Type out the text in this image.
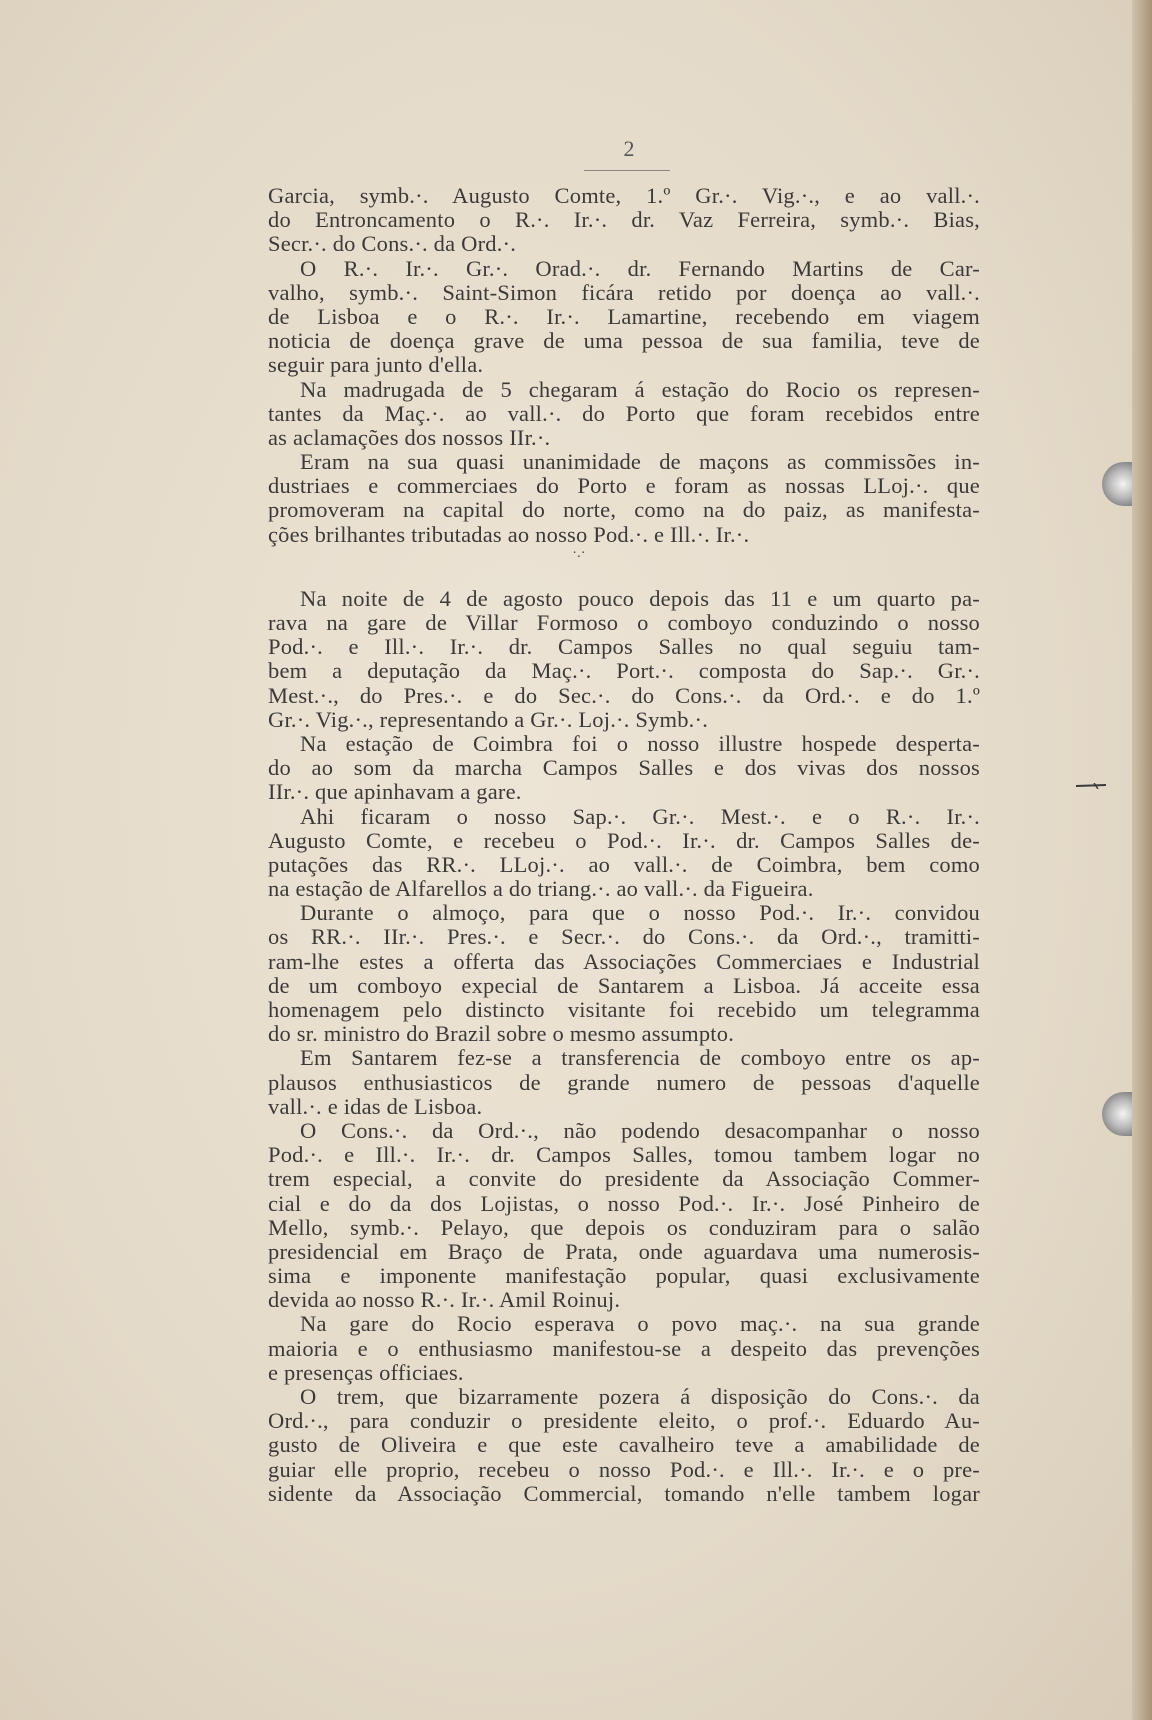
2
Garcia, symb.·. Augusto Comte, 1.º Gr.·. Vig.·., e ao vall.·.
do Entroncamento o R.·. Ir.·. dr. Vaz Ferreira, symb.·. Bias,
Secr.·. do Cons.·. da Ord.·.
O R.·. Ir.·. Gr.·. Orad.·. dr. Fernando Martins de Car-
valho, symb.·. Saint-Simon ficára retido por doença ao vall.·.
de Lisboa e o R.·. Ir.·. Lamartine, recebendo em viagem
noticia de doença grave de uma pessoa de sua familia, teve de
seguir para junto d'ella.
Na madrugada de 5 chegaram á estação do Rocio os represen-
tantes da Maç.·. ao vall.·. do Porto que foram recebidos entre
as aclamações dos nossos IIr.·.
Eram na sua quasi unanimidade de maçons as commissões in-
dustriaes e commerciaes do Porto e foram as nossas LLoj.·. que
promoveram na capital do norte, como na do paiz, as manifesta-
ções brilhantes tributadas ao nosso Pod.·. e Ill.·. Ir.·.
·.·
Na noite de 4 de agosto pouco depois das 11 e um quarto pa-
rava na gare de Villar Formoso o comboyo conduzindo o nosso
Pod.·. e Ill.·. Ir.·. dr. Campos Salles no qual seguiu tam-
bem a deputação da Maç.·. Port.·. composta do Sap.·. Gr.·.
Mest.·., do Pres.·. e do Sec.·. do Cons.·. da Ord.·. e do 1.º
Gr.·. Vig.·., representando a Gr.·. Loj.·. Symb.·.
Na estação de Coimbra foi o nosso illustre hospede desperta-
do ao som da marcha Campos Salles e dos vivas dos nossos
IIr.·. que apinhavam a gare.
Ahi ficaram o nosso Sap.·. Gr.·. Mest.·. e o R.·. Ir.·.
Augusto Comte, e recebeu o Pod.·. Ir.·. dr. Campos Salles de-
putações das RR.·. LLoj.·. ao vall.·. de Coimbra, bem como
na estação de Alfarellos a do triang.·. ao vall.·. da Figueira.
Durante o almoço, para que o nosso Pod.·. Ir.·. convidou
os RR.·. IIr.·. Pres.·. e Secr.·. do Cons.·. da Ord.·., tramitti-
ram-lhe estes a offerta das Associações Commerciaes e Industrial
de um comboyo expecial de Santarem a Lisboa. Já acceite essa
homenagem pelo distincto visitante foi recebido um telegramma
do sr. ministro do Brazil sobre o mesmo assumpto.
Em Santarem fez-se a transferencia de comboyo entre os ap-
plausos enthusiasticos de grande numero de pessoas d'aquelle
vall.·. e idas de Lisboa.
O Cons.·. da Ord.·., não podendo desacompanhar o nosso
Pod.·. e Ill.·. Ir.·. dr. Campos Salles, tomou tambem logar no
trem especial, a convite do presidente da Associação Commer-
cial e do da dos Lojistas, o nosso Pod.·. Ir.·. José Pinheiro de
Mello, symb.·. Pelayo, que depois os conduziram para o salão
presidencial em Braço de Prata, onde aguardava uma numerosis-
sima e imponente manifestação popular, quasi exclusivamente
devida ao nosso R.·. Ir.·. Amil Roinuj.
Na gare do Rocio esperava o povo maç.·. na sua grande
maioria e o enthusiasmo manifestou-se a despeito das prevenções
e presenças officiaes.
O trem, que bizarramente pozera á disposição do Cons.·. da
Ord.·., para conduzir o presidente eleito, o prof.·. Eduardo Au-
gusto de Oliveira e que este cavalheiro teve a amabilidade de
guiar elle proprio, recebeu o nosso Pod.·. e Ill.·. Ir.·. e o pre-
sidente da Associação Commercial, tomando n'elle tambem logar
